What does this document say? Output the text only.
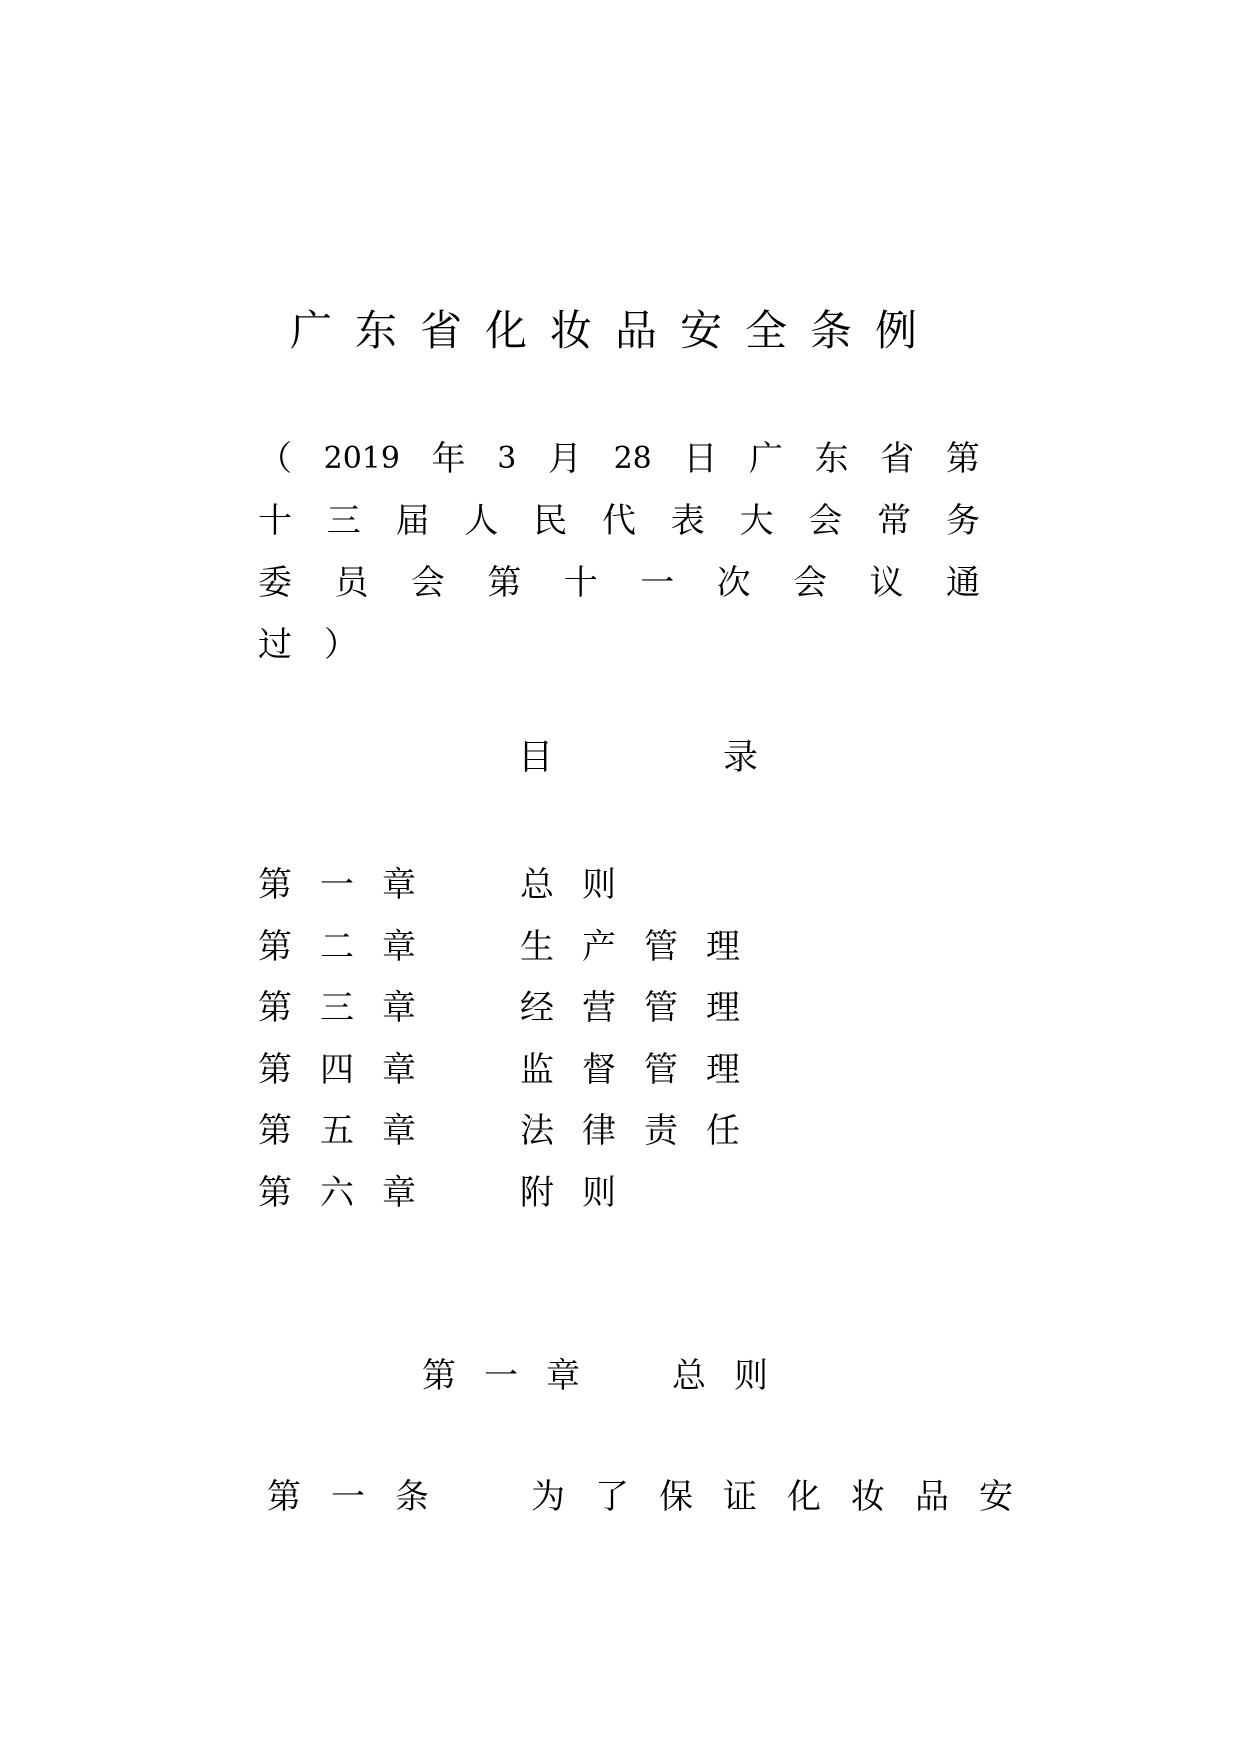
广东省化妆品安全条例
（ 2019 年 3 月 28 日 广 东 省 第
十 三 届 人 民 代 表 大 会 常 务
委 员 会 第 十 一 次 会 议 通
过 ）
目	录
第一章 总则
第二章 生产管理
第三章 经营管理
第四章 监督管理
第五章 法律责任
第六章 附则
第一章 总则

第一条 为了保证化妆品安
